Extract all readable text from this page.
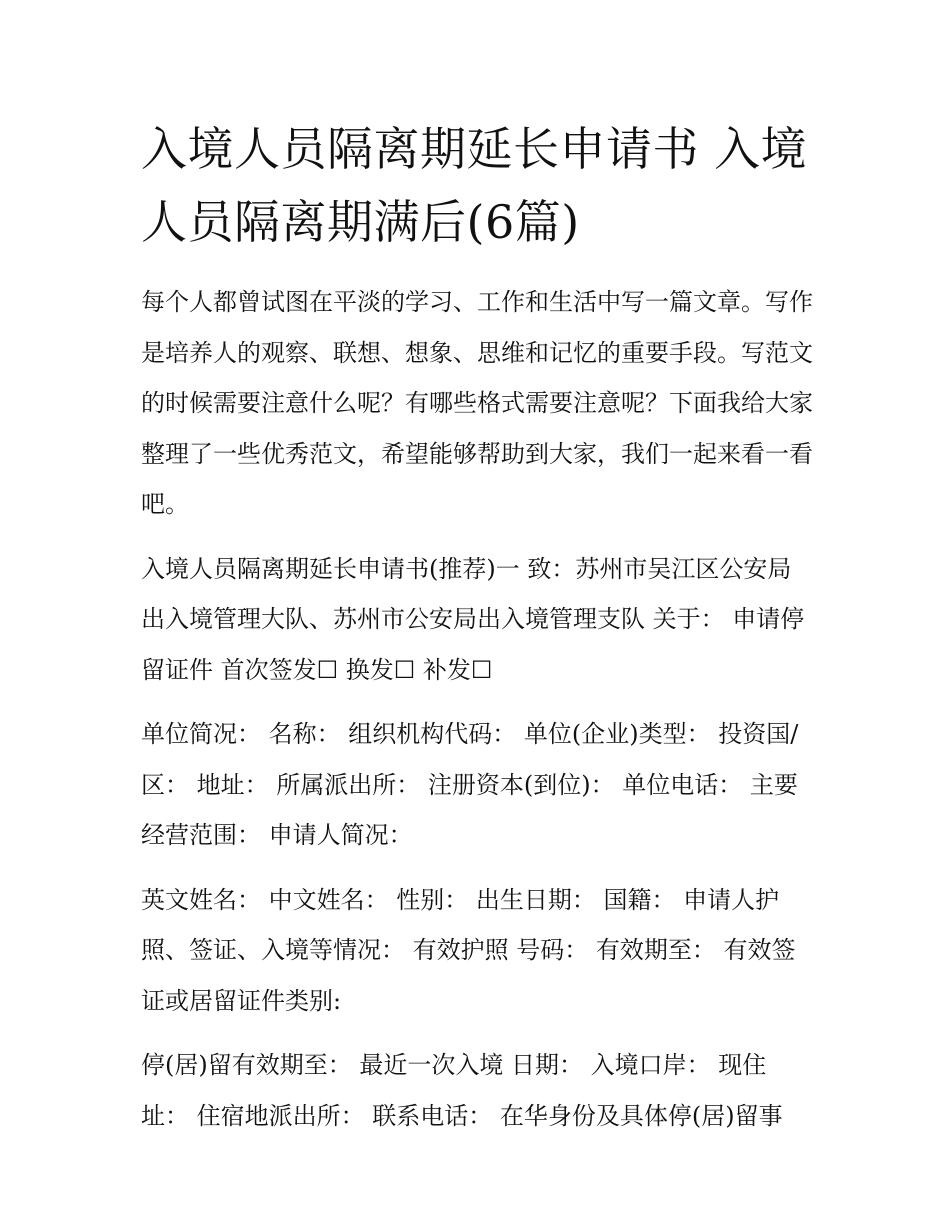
入境人员隔离期延长申请书 入境人员隔离期满后(6篇)

每个人都曾试图在平淡的学习、工作和生活中写一篇文章。写作是培养人的观察、联想、想象、思维和记忆的重要手段。写范文的时候需要注意什么呢？有哪些格式需要注意呢？下面我给大家整理了一些优秀范文，希望能够帮助到大家，我们一起来看一看吧。

入境人员隔离期延长申请书(推荐)一 致：苏州市吴江区公安局出入境管理大队、苏州市公安局出入境管理支队 关于： 申请停留证件 首次签发☐ 换发☐ 补发☐

单位简况： 名称： 组织机构代码： 单位(企业)类型： 投资国/区： 地址： 所属派出所： 注册资本(到位)： 单位电话： 主要经营范围： 申请人简况：

英文姓名： 中文姓名： 性别： 出生日期： 国籍： 申请人护照、签证、入境等情况： 有效护照 号码： 有效期至： 有效签证或居留证件类别:

停(居)留有效期至： 最近一次入境 日期： 入境口岸： 现住址： 住宿地派出所： 联系电话： 在华身份及具体停(居)留事
